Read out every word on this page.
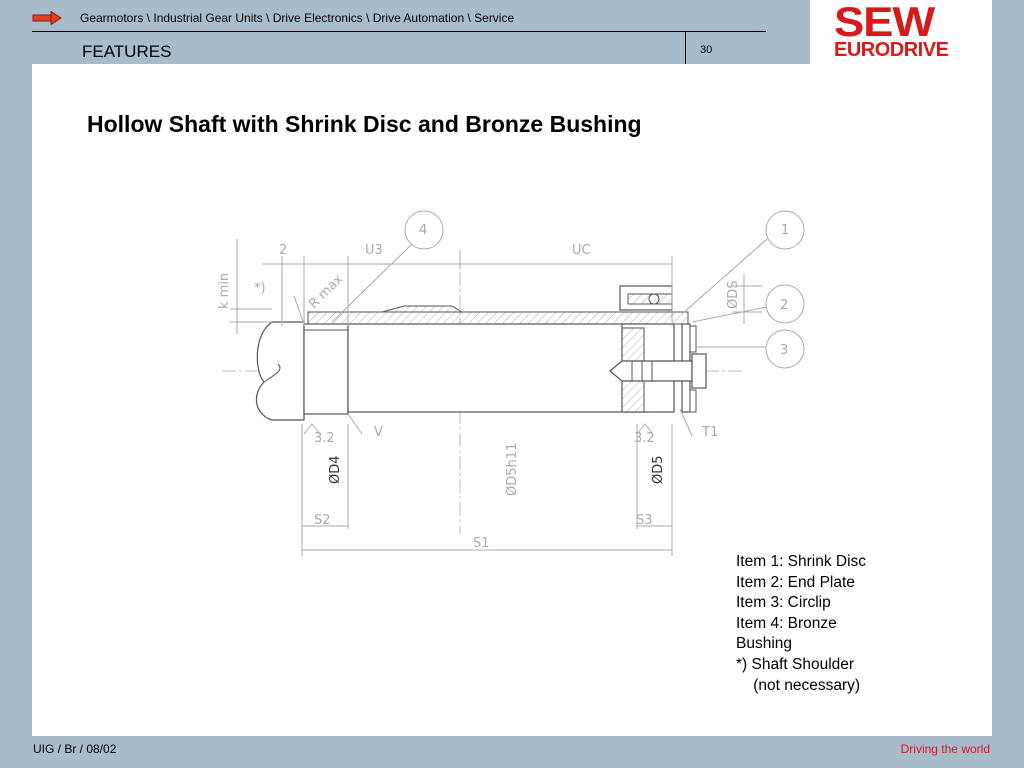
Gearmotors \ Industrial Gear Units \ Drive Electronics \ Drive Automation \ Service
FEATURES	30
SEW
EURODRIVE
Hollow Shaft with Shrink Disc and Bronze Bushing
4	1
2
3
2	U3	UC
ØDS
k min *)	R max
3.2	V	T1
3.2
ØD4	ØD5h11	ØD5
S2	S3
S1
Item 1: Shrink Disc
Item 2: End Plate
Item 3: Circlip
Item 4: Bronze
Bushing
*) Shaft Shoulder
(not necessary)
UIG / Br / 08/02	Driving the world
